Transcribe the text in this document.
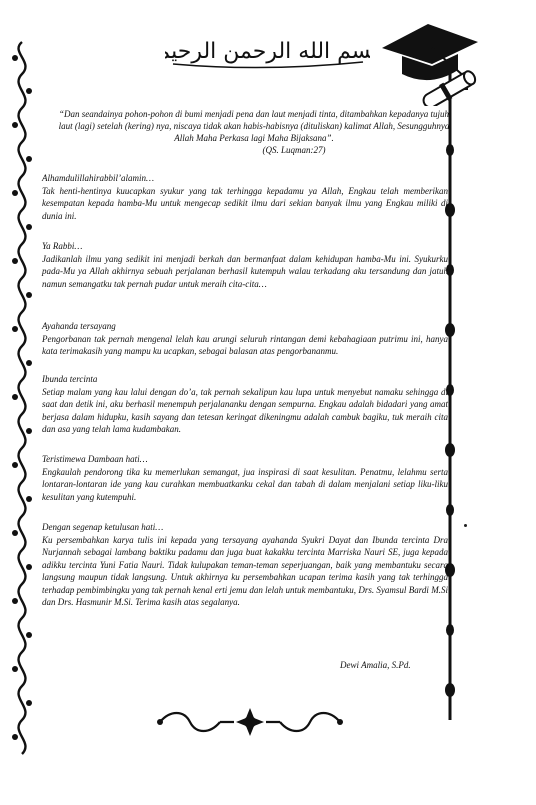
بسم الله الرحمن الرحيم
“Dan seandainya pohon-pohon di bumi menjadi pena dan laut menjadi tinta, ditambahkan kepadanya tujuh laut (lagi) setelah (kering) nya, niscaya tidak akan habis-habisnya (dituliskan) kalimat Allah, Sesungguhnya Allah Maha Perkasa lagi Maha Bijaksana”.
(QS. Luqman:27)
Alhamdulillahirabbil’alamin…
Tak henti-hentinya kuucapkan syukur yang tak terhingga kepadamu ya Allah, Engkau telah memberikan kesempatan kepada hamba-Mu untuk mengecap sedikit ilmu dari sekian banyak ilmu yang Engkau miliki di dunia ini.
Ya Rabbi…
Jadikanlah ilmu yang sedikit ini menjadi berkah dan bermanfaat dalam kehidupan hamba-Mu ini. Syukurku pada-Mu ya Allah akhirnya sebuah perjalanan berhasil kutempuh walau terkadang aku tersandung dan jatuh namun semangatku tak pernah pudar untuk meraih cita-cita…
Ayahanda tersayang
Pengorbanan tak pernah mengenal lelah kau arungi seluruh rintangan demi kebahagiaan putrimu ini, hanya kata terimakasih yang mampu ku ucapkan, sebagai balasan atas pengorbananmu.
Ibunda tercinta
Setiap malam yang kau lalui dengan do’a, tak pernah sekalipun kau lupa untuk menyebut namaku sehingga di saat dan detik ini, aku berhasil menempuh perjalananku dengan sempurna. Engkau adalah bidadari yang amat berjasa dalam hidupku, kasih sayang dan tetesan keringat dikeningmu adalah cambuk bagiku, tuk meraih cita dan asa yang telah lama kudambakan.
Teristimewa Dambaan hati…
Engkaulah pendorong tika ku memerlukan semangat, jua inspirasi di saat kesulitan. Penatmu, lelahmu serta lontaran-lontaran ide yang kau curahkan membuatkanku cekal dan tabah di dalam menjalani setiap liku-liku kesulitan yang kutempuhi.
Dengan segenap ketulusan hati…
Ku persembahkan karya tulis ini kepada yang tersayang ayahanda Syukri Dayat dan Ibunda tercinta Dra Nurjannah sebagai lambang baktiku padamu dan juga buat kakakku tercinta Marriska Nauri SE, juga kepada adikku tercinta Yuni Fatia Nauri. Tidak kulupakan teman-teman seperjuangan, baik yang membantuku secara langsung maupun tidak langsung. Untuk akhirnya ku persembahkan ucapan terima kasih yang tak terhingga terhadap pembimbingku yang tak pernah kenal erti jemu dan lelah untuk membantuku, Drs. Syamsul Bardi M.Si dan Drs. Hasmunir M.Si. Terima kasih atas segalanya.
Dewi Amalia, S.Pd.
